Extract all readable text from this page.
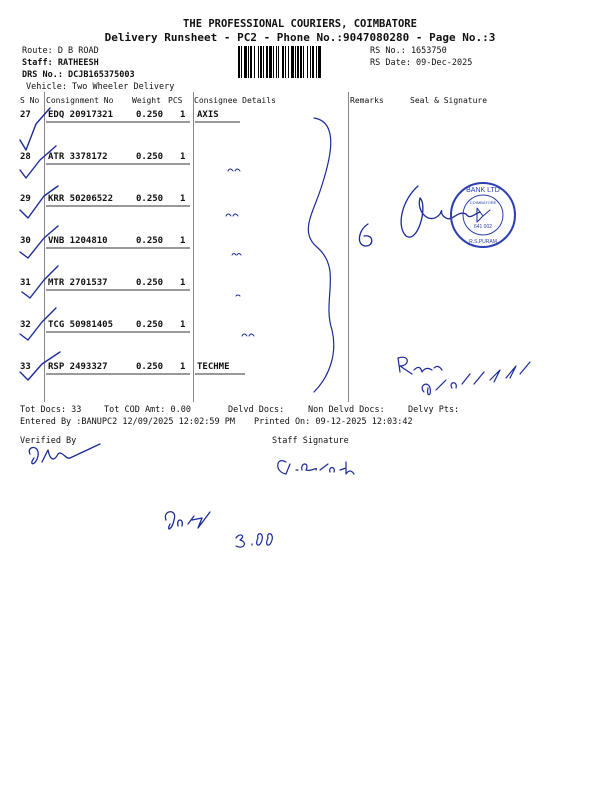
THE PROFESSIONAL COURIERS, COIMBATORE
Delivery Runsheet - PC2 - Phone No.:9047080280 - Page No.:3
Route: D B ROAD
Staff: RATHEESH
DRS No.: DCJB165375003
Vehicle: Two Wheeler Delivery
RS No.: 1653750
RS Date: 09-Dec-2025
S No Consignment No Weight PCS Consignee Details	Remarks	Seal & Signature
27 EDQ 20917321	0.250 1 AXIS
28 ATR 3378172	0.250 1
29 KRR 50206522	0.250 1
30 VNB 1204810	0.250 1
31 MTR 2701537	0.250 1
32 TCG 50981405	0.250 1
33 RSP 2493327	0.250 1 TECHME
Tot Docs: 33	Tot COD Amt: 0.00	Delvd Docs:	Non Delvd Docs:	Delvy Pts:
Entered By :BANUPC2 12/09/2025 12:02:59 PM Printed On: 09-12-2025 12:03:42
Verified By	Staff Signature
BANK LTD
COIMBATORE
641 002
R.S.PURAM
